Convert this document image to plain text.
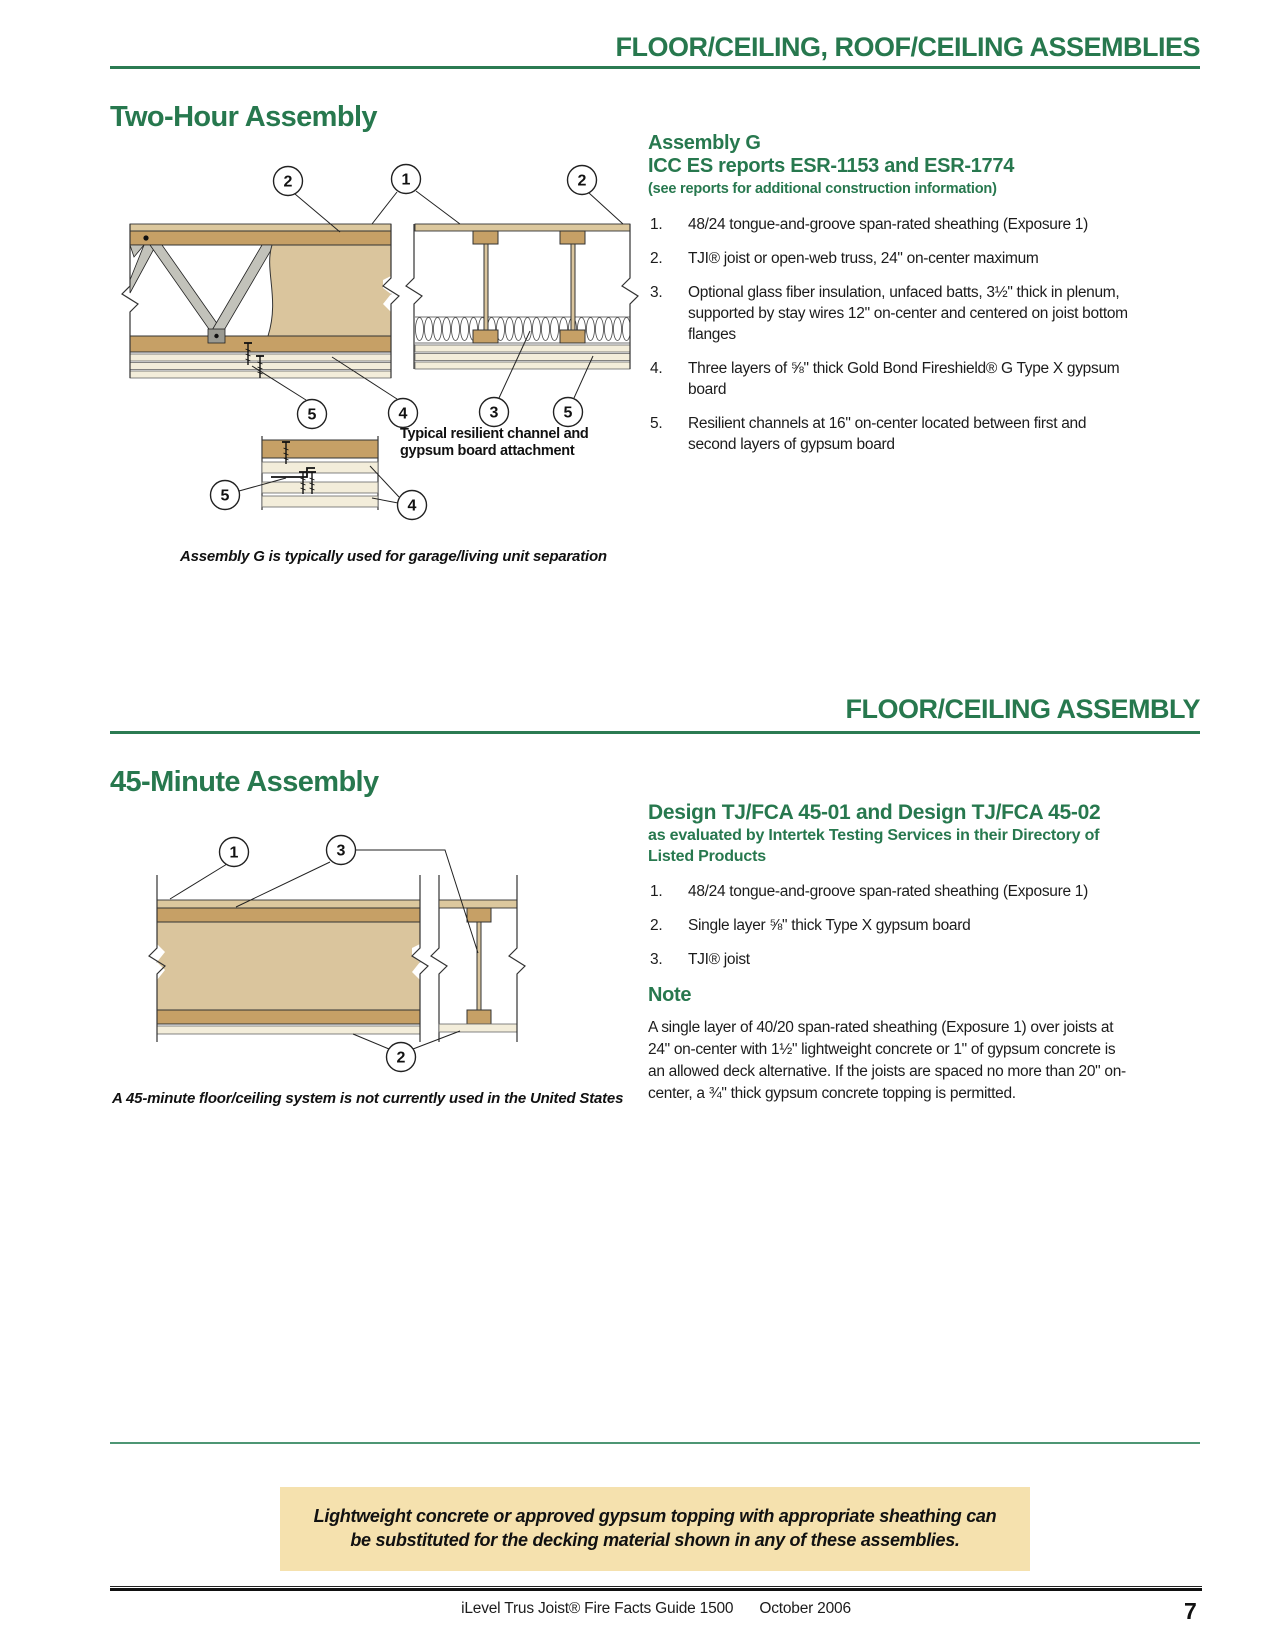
FLOOR/CEILING, ROOF/CEILING ASSEMBLIES
Two-Hour Assembly
2	1	2
5	4	3	5
5
4
Typical resilient channel and gypsum board attachment
Assembly G is typically used for garage/living unit separation
Assembly G
ICC ES reports ESR-1153 and ESR-1774
(see reports for additional construction information)
1. 48/24 tongue-and-groove span-rated sheathing (Exposure 1)
2. TJI® joist or open-web truss, 24" on-center maximum
3. Optional glass fiber insulation, unfaced batts, 3½" thick in plenum, supported by stay wires 12" on-center and centered on joist bottom flanges
4. Three layers of ⅝" thick Gold Bond Fireshield® G Type X gypsum board
5. Resilient channels at 16" on-center located between first and second layers of gypsum board
FLOOR/CEILING ASSEMBLY
45-Minute Assembly
1	3
2
A 45-minute floor/ceiling system is not currently used in the United States
Design TJ/FCA 45-01 and Design TJ/FCA 45-02
as evaluated by Intertek Testing Services in their Directory of Listed Products
1. 48/24 tongue-and-groove span-rated sheathing (Exposure 1)
2. Single layer ⅝" thick Type X gypsum board
3. TJI® joist
Note
A single layer of 40/20 span-rated sheathing (Exposure 1) over joists at 24" on-center with 1½" lightweight concrete or 1" of gypsum concrete is an allowed deck alternative. If the joists are spaced no more than 20" on-center, a ¾" thick gypsum concrete topping is permitted.
Lightweight concrete or approved gypsum topping with appropriate sheathing can
be substituted for the decking material shown in any of these assemblies.
iLevel Trus Joist® Fire Facts Guide 1500 October 2006	7
